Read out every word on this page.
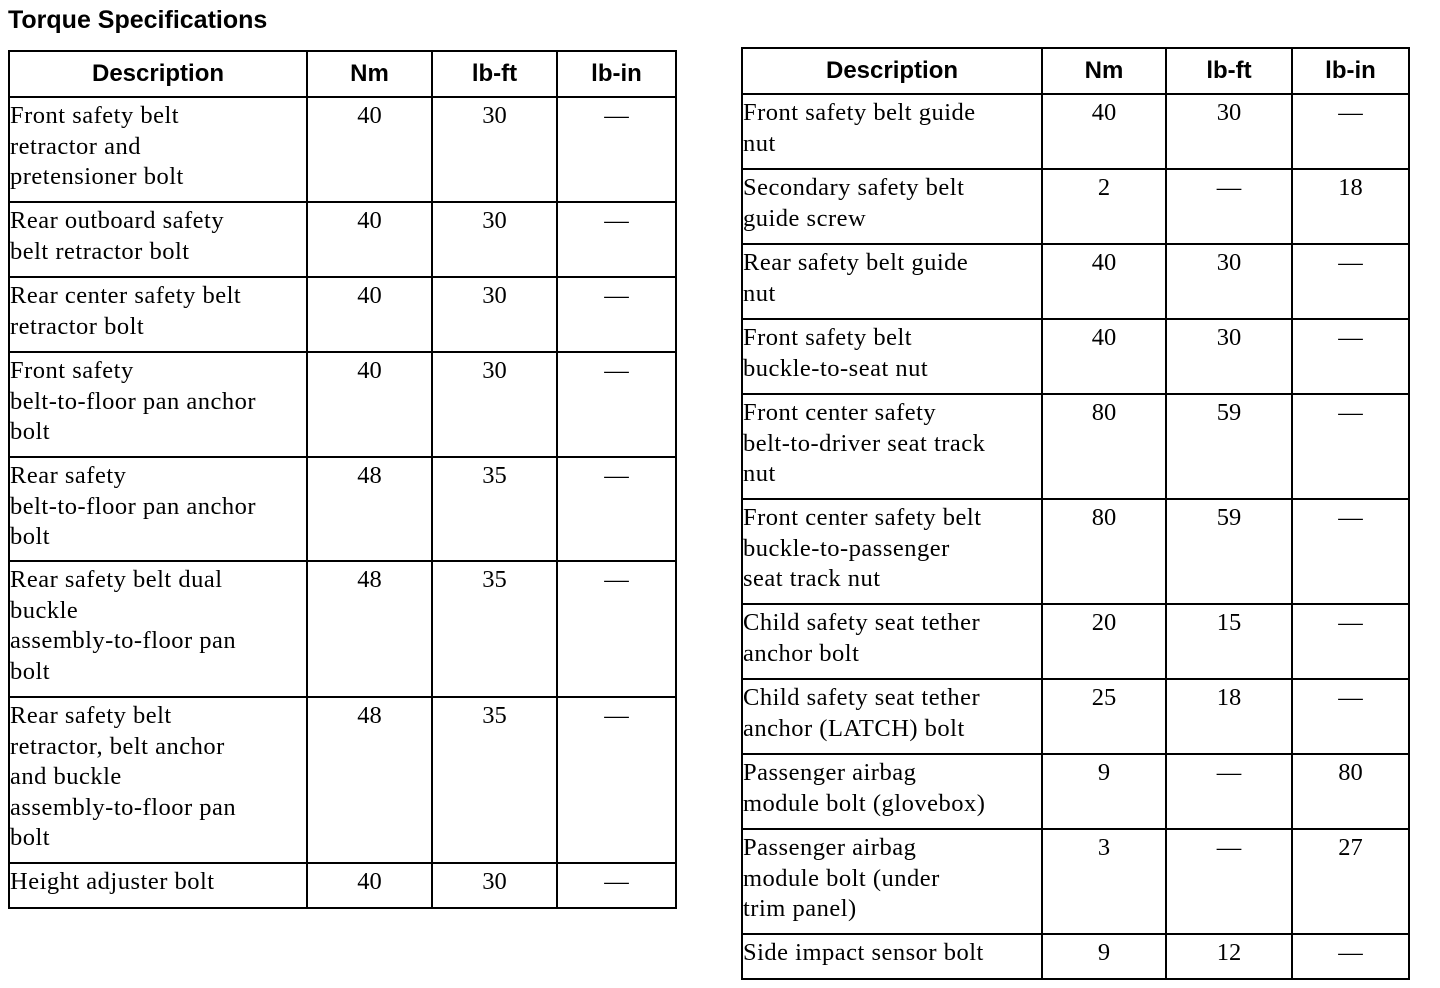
Torque Specifications
Description	Nm	lb-ft	lb-in

Front safety belt
retractor and
pretensioner bolt	40	30	—

Rear outboard safety
belt retractor bolt	40	30	—

Rear center safety belt
retractor bolt	40	30	—

Front safety
belt-to-floor pan anchor
bolt	40	30	—

Rear safety
belt-to-floor pan anchor
bolt	48	35	—

Rear safety belt dual
buckle
assembly-to-floor pan
bolt	48	35	—

Rear safety belt
retractor, belt anchor
and buckle
assembly-to-floor pan
bolt	48	35	—

Height adjuster bolt	40	30	—
Description	Nm	lb-ft	lb-in

Front safety belt guide
nut	40	30	—

Secondary safety belt
guide screw	2	—	18

Rear safety belt guide
nut	40	30	—

Front safety belt
buckle-to-seat nut	40	30	—

Front center safety
belt-to-driver seat track
nut	80	59	—

Front center safety belt
buckle-to-passenger
seat track nut	80	59	—

Child safety seat tether
anchor bolt	20	15	—

Child safety seat tether
anchor (LATCH) bolt	25	18	—

Passenger airbag
module bolt (glovebox)	9	—	80

Passenger airbag
module bolt (under
trim panel)	3	—	27

Side impact sensor bolt	9	12	—
